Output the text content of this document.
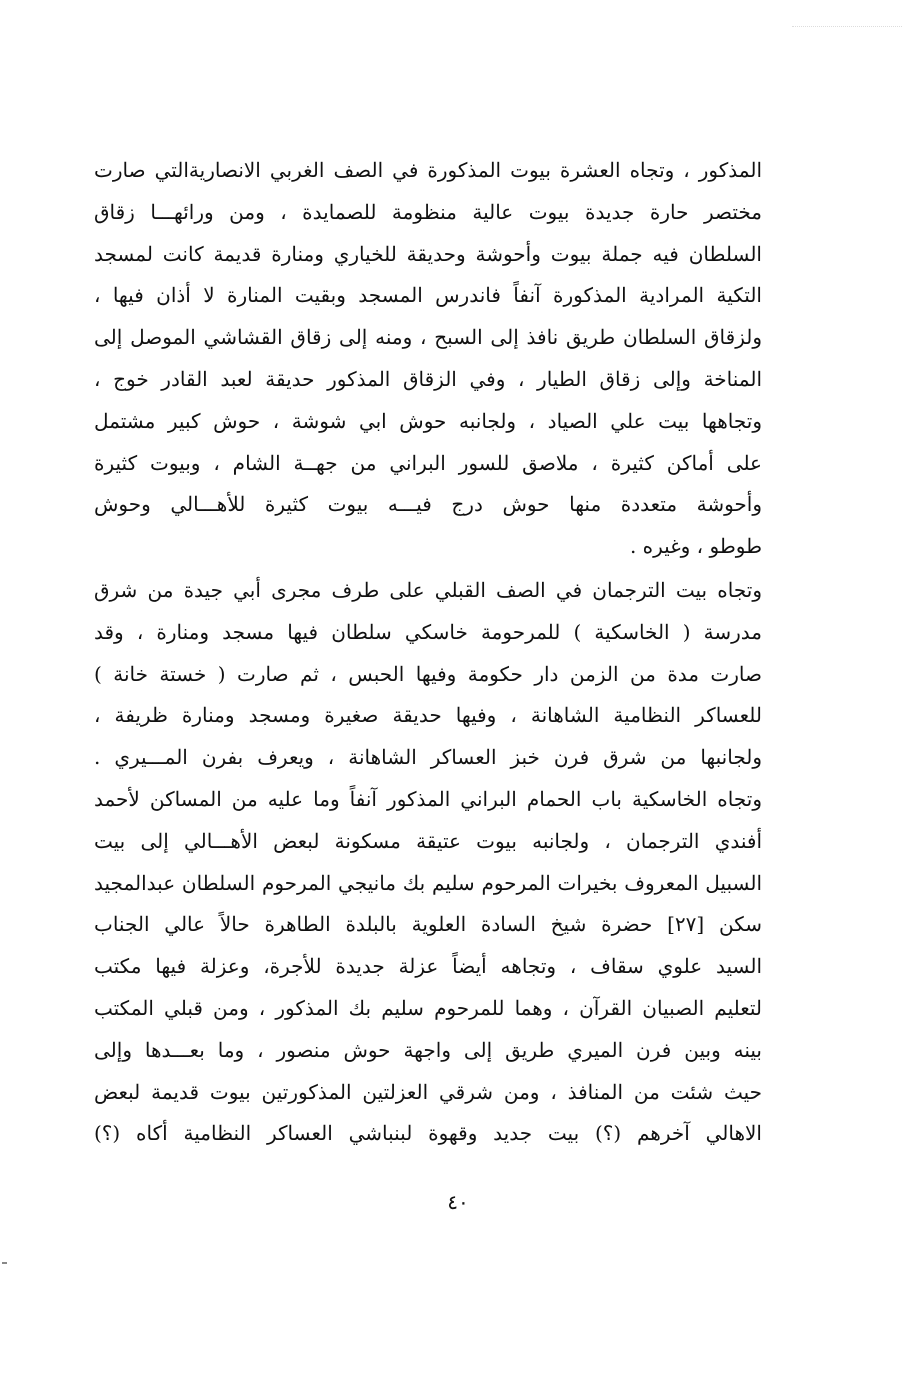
المذكور ، وتجاه العشرة بيوت المذكورة في الصف الغربي الانصاريةالتي صارت
مختصر حارة جديدة بيوت عالية منظومة للصمايدة ، ومن ورائهـــا زقاق
السلطان فيه جملة بيوت وأحوشة وحديقة للخياري ومنارة قديمة كانت لمسجد
التكية المرادية المذكورة آنفاً فاندرس المسجد وبقيت المنارة لا أذان فيها ،
ولزقاق السلطان طريق نافذ إلى السبح ، ومنه إلى زقاق القشاشي الموصل إلى
المناخة وإلى زقاق الطيار ، وفي الزقاق المذكور حديقة لعبد القادر خوج ،
وتجاهها بيت علي الصياد ، ولجانبه حوش ابي شوشة ، حوش كبير مشتمل
على أماكن كثيرة ، ملاصق للسور البراني من جهــة الشام ، وبيوت كثيرة
وأحوشة متعددة منها حوش درج فيـــه بيوت كثيرة للأهـــالي وحوش
طوطو ، وغيره .
وتجاه بيت الترجمان في الصف القبلي على طرف مجرى أبي جيدة من شرق
مدرسة ( الخاسكية ) للمرحومة خاسكي سلطان فيها مسجد ومنارة ، وقد
صارت مدة من الزمن دار حكومة وفيها الحبس ، ثم صارت ( خستة خانة )
للعساكر النظامية الشاهانة ، وفيها حديقة صغيرة ومسجد ومنارة ظريفة ،
ولجانبها من شرق فرن خبز العساكر الشاهانة ، ويعرف بفرن المـــيري .
وتجاه الخاسكية باب الحمام البراني المذكور آنفاً وما عليه من المساكن لأحمد
أفندي الترجمان ، ولجانبه بيوت عتيقة مسكونة لبعض الأهـــالي إلى بيت
السبيل المعروف بخيرات المرحوم سليم بك مانيجي المرحوم السلطان عبدالمجيد
سكن [٢٧] حضرة شيخ السادة العلوية بالبلدة الطاهرة حالاً عالي الجناب
السيد علوي سقاف ، وتجاهه أيضاً عزلة جديدة للأجرة، وعزلة فيها مكتب
لتعليم الصبيان القرآن ، وهما للمرحوم سليم بك المذكور ، ومن قبلي المكتب
بينه وبين فرن الميري طريق إلى واجهة حوش منصور ، وما بعـــدها وإلى
حيث شئت من المنافذ ، ومن شرقي العزلتين المذكورتين بيوت قديمة لبعض
الاهالي آخرهم (؟) بيت جديد وقهوة لبنباشي العساكر النظامية أكاه (؟)
٤٠
